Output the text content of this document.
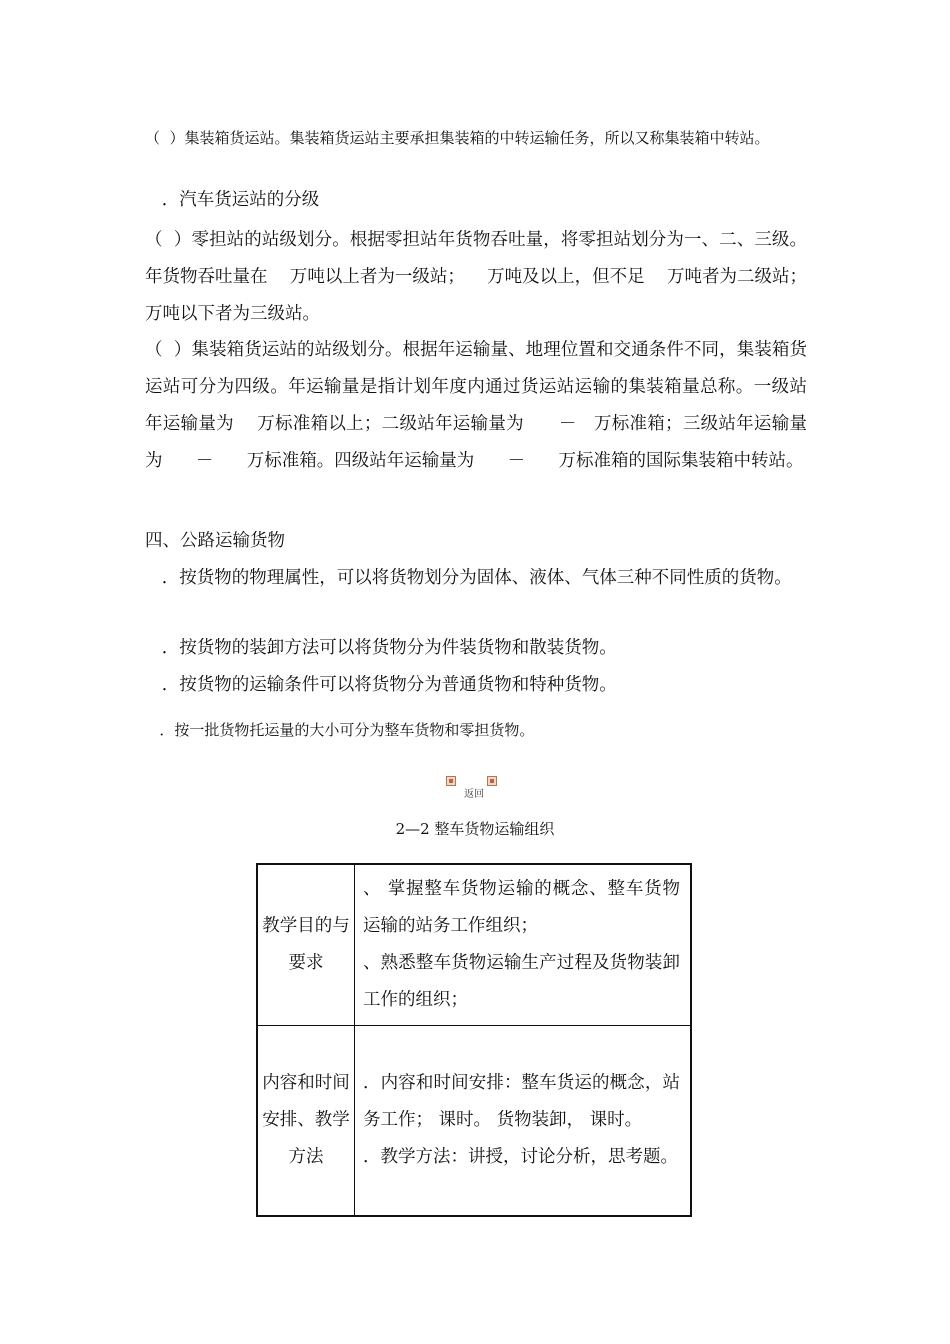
（  ）集装箱货运站。集装箱货运站主要承担集装箱的中转运输任务，所以又称集装箱中转站。

．汽车货运站的分级

（  ）零担站的站级划分。根据零担站年货物吞吐量，将零担站划分为一、二、三级。年货物吞吐量在    万吨以上者为一级站；    万吨及以上，但不足    万吨者为二级站；    万吨以下者为三级站。

（  ）集装箱货运站的站级划分。根据年运输量、地理位置和交通条件不同，集装箱货运站可分为四级。年运输量是指计划年度内通过货运站运输的集装箱量总称。一级站年运输量为    万标准箱以上；二级站年运输量为      －   万标准箱；三级站年运输量为      －      万标准箱。四级站年运输量为      －      万标准箱的国际集装箱中转站。

四、公路运输货物

．按货物的物理属性，可以将货物划分为固体、液体、气体三种不同性质的货物。

．按货物的装卸方法可以将货物分为件装货物和散装货物。

．按货物的运输条件可以将货物分为普通货物和特种货物。

．按一批货物托运量的大小可分为整车货物和零担货物。

返回
2—2 整车货物运输组织
教学目的与要求	、 掌握整车货物运输的概念、整车货物运输的站务工作组织；
、熟悉整车货物运输生产过程及货物装卸工作的组织；

内容和时间安排、教学方法	．内容和时间安排：整车货运的概念，站务工作； 课时。 货物装卸， 课时。
．教学方法：讲授，讨论分析，思考题。
